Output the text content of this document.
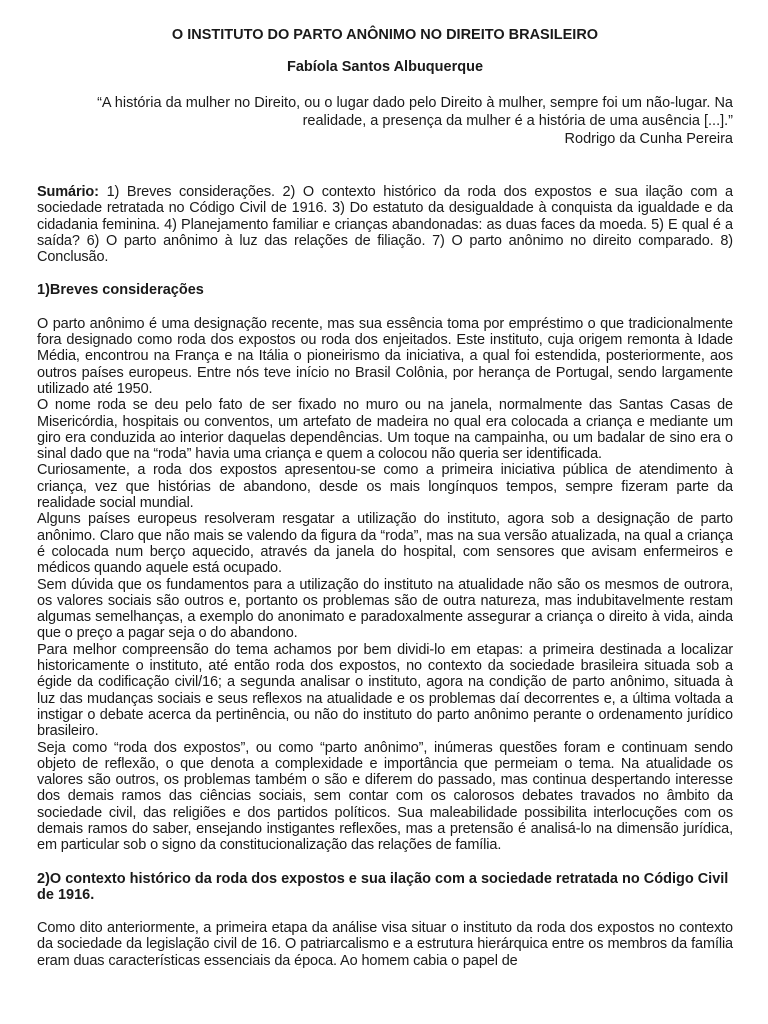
O INSTITUTO DO PARTO ANÔNIMO NO DIREITO BRASILEIRO
Fabíola Santos Albuquerque
“A história da mulher no Direito, ou o lugar dado pelo Direito à mulher, sempre foi um não-lugar. Na
realidade, a presença da mulher é a história de uma ausência [...].”
Rodrigo da Cunha Pereira

Sumário: 1) Breves considerações. 2) O contexto histórico da roda dos expostos e sua ilação com a sociedade retratada no Código Civil de 1916. 3) Do estatuto da desigualdade à conquista da igualdade e da cidadania feminina. 4) Planejamento familiar e crianças abandonadas: as duas faces da moeda. 5) E qual é a saída? 6) O parto anônimo à luz das relações de filiação. 7) O parto anônimo no direito comparado. 8) Conclusão.

1)Breves considerações

O parto anônimo é uma designação recente, mas sua essência toma por empréstimo o que tradicionalmente fora designado como roda dos expostos ou roda dos enjeitados. Este instituto, cuja origem remonta à Idade Média, encontrou na França e na Itália o pioneirismo da iniciativa, a qual foi estendida, posteriormente, aos outros países europeus. Entre nós teve início no Brasil Colônia, por herança de Portugal, sendo largamente utilizado até 1950.

O nome roda se deu pelo fato de ser fixado no muro ou na janela, normalmente das Santas Casas de Misericórdia, hospitais ou conventos, um artefato de madeira no qual era colocada a criança e mediante um giro era conduzida ao interior daquelas dependências. Um toque na campainha, ou um badalar de sino era o sinal dado que na “roda” havia uma criança e quem a colocou não queria ser identificada.

Curiosamente, a roda dos expostos apresentou-se como a primeira iniciativa pública de atendimento à criança, vez que histórias de abandono, desde os mais longínquos tempos, sempre fizeram parte da realidade social mundial.

Alguns países europeus resolveram resgatar a utilização do instituto, agora sob a designação de parto anônimo. Claro que não mais se valendo da figura da “roda”, mas na sua versão atualizada, na qual a criança é colocada num berço aquecido, através da janela do hospital, com sensores que avisam enfermeiros e médicos quando aquele está ocupado.

Sem dúvida que os fundamentos para a utilização do instituto na atualidade não são os mesmos de outrora, os valores sociais são outros e, portanto os problemas são de outra natureza, mas indubitavelmente restam algumas semelhanças, a exemplo do anonimato e paradoxalmente assegurar a criança o direito à vida, ainda que o preço a pagar seja o do abandono.

Para melhor compreensão do tema achamos por bem dividi-lo em etapas: a primeira destinada a localizar historicamente o instituto, até então roda dos expostos, no contexto da sociedade brasileira situada sob a égide da codificação civil/16; a segunda analisar o instituto, agora na condição de parto anônimo, situada à luz das mudanças sociais e seus reflexos na atualidade e os problemas daí decorrentes e, a última voltada a instigar o debate acerca da pertinência, ou não do instituto do parto anônimo perante o ordenamento jurídico brasileiro.

Seja como “roda dos expostos”, ou como “parto anônimo”, inúmeras questões foram e continuam sendo objeto de reflexão, o que denota a complexidade e importância que permeiam o tema. Na atualidade os valores são outros, os problemas também o são e diferem do passado, mas continua despertando interesse dos demais ramos das ciências sociais, sem contar com os calorosos debates travados no âmbito da sociedade civil, das religiões e dos partidos políticos. Sua maleabilidade possibilita interlocuções com os demais ramos do saber, ensejando instigantes reflexões, mas a pretensão é analisá-lo na dimensão jurídica, em particular sob o signo da constitucionalização das relações de família.

2)O contexto histórico da roda dos expostos e sua ilação com a sociedade retratada no Código Civil de 1916.

Como dito anteriormente, a primeira etapa da análise visa situar o instituto da roda dos expostos no contexto da sociedade da legislação civil de 16. O patriarcalismo e a estrutura hierárquica entre os membros da família eram duas características essenciais da época. Ao homem cabia o papel de
